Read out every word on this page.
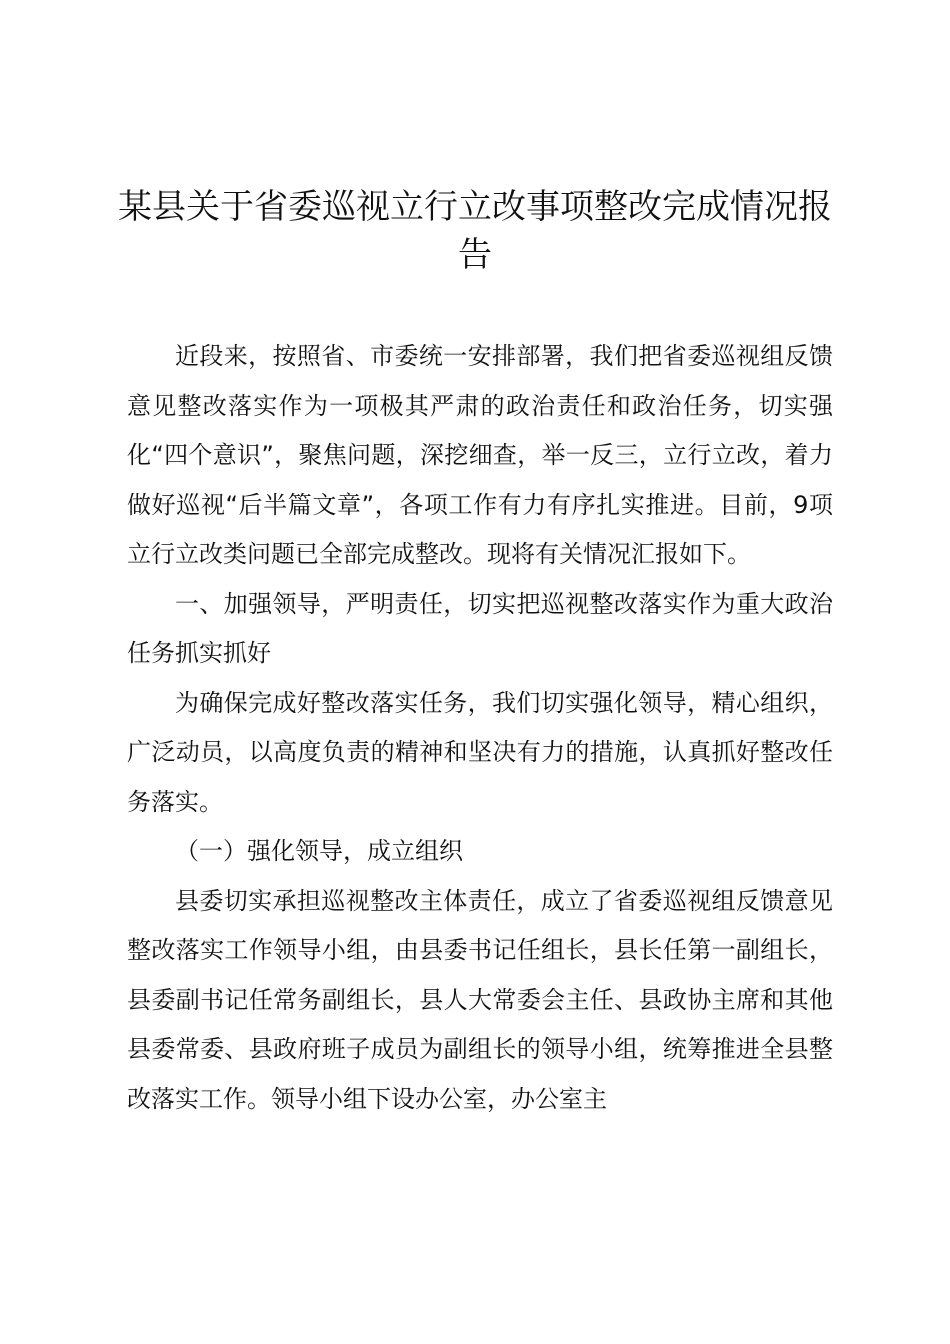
某县关于省委巡视立行立改事项整改完成情况报告

近段来，按照省、市委统一安排部署，我们把省委巡视组反馈意见整改落实作为一项极其严肃的政治责任和政治任务，切实强化“四个意识”，聚焦问题，深挖细查，举一反三，立行立改，着力做好巡视“后半篇文章”，各项工作有力有序扎实推进。目前，9项立行立改类问题已全部完成整改。现将有关情况汇报如下。

一、加强领导，严明责任，切实把巡视整改落实作为重大政治任务抓实抓好

为确保完成好整改落实任务，我们切实强化领导，精心组织，广泛动员，以高度负责的精神和坚决有力的措施，认真抓好整改任务落实。

（一）强化领导，成立组织

县委切实承担巡视整改主体责任，成立了省委巡视组反馈意见整改落实工作领导小组，由县委书记任组长，县长任第一副组长，县委副书记任常务副组长，县人大常委会主任、县政协主席和其他县委常委、县政府班子成员为副组长的领导小组，统筹推进全县整改落实工作。领导小组下设办公室，办公室主
